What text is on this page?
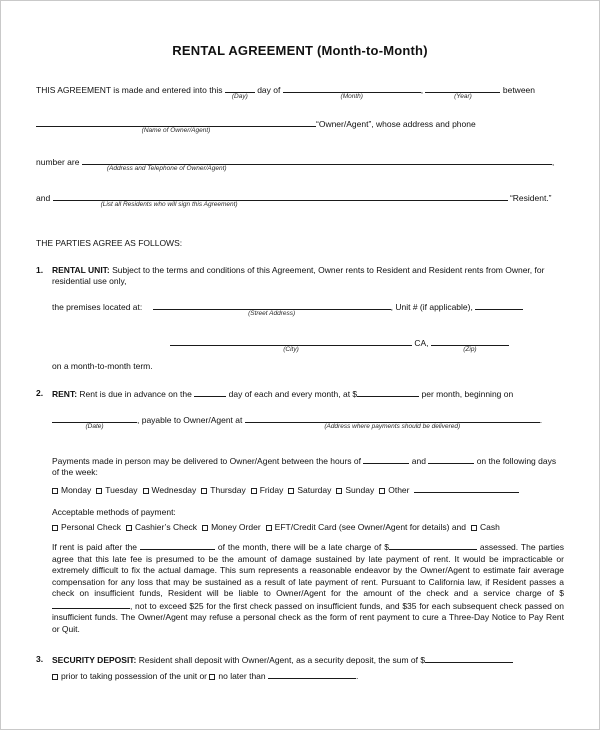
RENTAL AGREEMENT (Month-to-Month)

THIS AGREEMENT is made and entered into this
(Day)
day of
(Month)
,
(Year)
between

(Name of Owner/Agent)
“Owner/Agent”, whose address and phone

number are
(Address and Telephone of Owner/Agent)
,

and
(List all Residents who will sign this Agreement)
“Resident.”

THE PARTIES AGREE AS FOLLOWS:

1. RENTAL UNIT: Subject to the terms and conditions of this Agreement, Owner rents to Resident and Resident rents from Owner, for residential use only,

the premises located at:
(Street Address)
, Unit # (if applicable),

(City)
CA,
(Zip)

on a month-to-month term.

2. RENT: Rent is due in advance on the	day of each and every month, at $	per month, beginning on

(Date)
, payable to Owner/Agent at
(Address where payments should be delivered)
.

Payments made in person may be delivered to Owner/Agent between the hours of	and	on the following days of the week:

Monday Tuesday Wednesday Thursday Friday Saturday Sunday Other

Acceptable methods of payment:

Personal Check Cashier’s Check Money Order EFT/Credit Card (see Owner/Agent for details) and Cash

If rent is paid after the	of the month, there will be a late charge of $	assessed. The parties agree that this late fee is presumed to be the amount of damage sustained by late payment of rent. It would be impracticable or extremely difficult to fix the actual damage. This sum represents a reasonable endeavor by the Owner/Agent to estimate fair average compensation for any loss that may be sustained as a result of late payment of rent. Pursuant to California law, if Resident passes a check on insufficient funds, Resident will be liable to Owner/Agent for the amount of the check and a service charge of $, not to exceed $25 for the first check passed on insufficient funds, and $35 for each subsequent check passed on insufficient funds. The Owner/Agent may refuse a personal check as the form of rent payment to cure a Three-Day Notice to Pay Rent or Quit.

3. SECURITY DEPOSIT: Resident shall deposit with Owner/Agent, as a security deposit, the sum of $

prior to taking possession of the unit or no later than	.
